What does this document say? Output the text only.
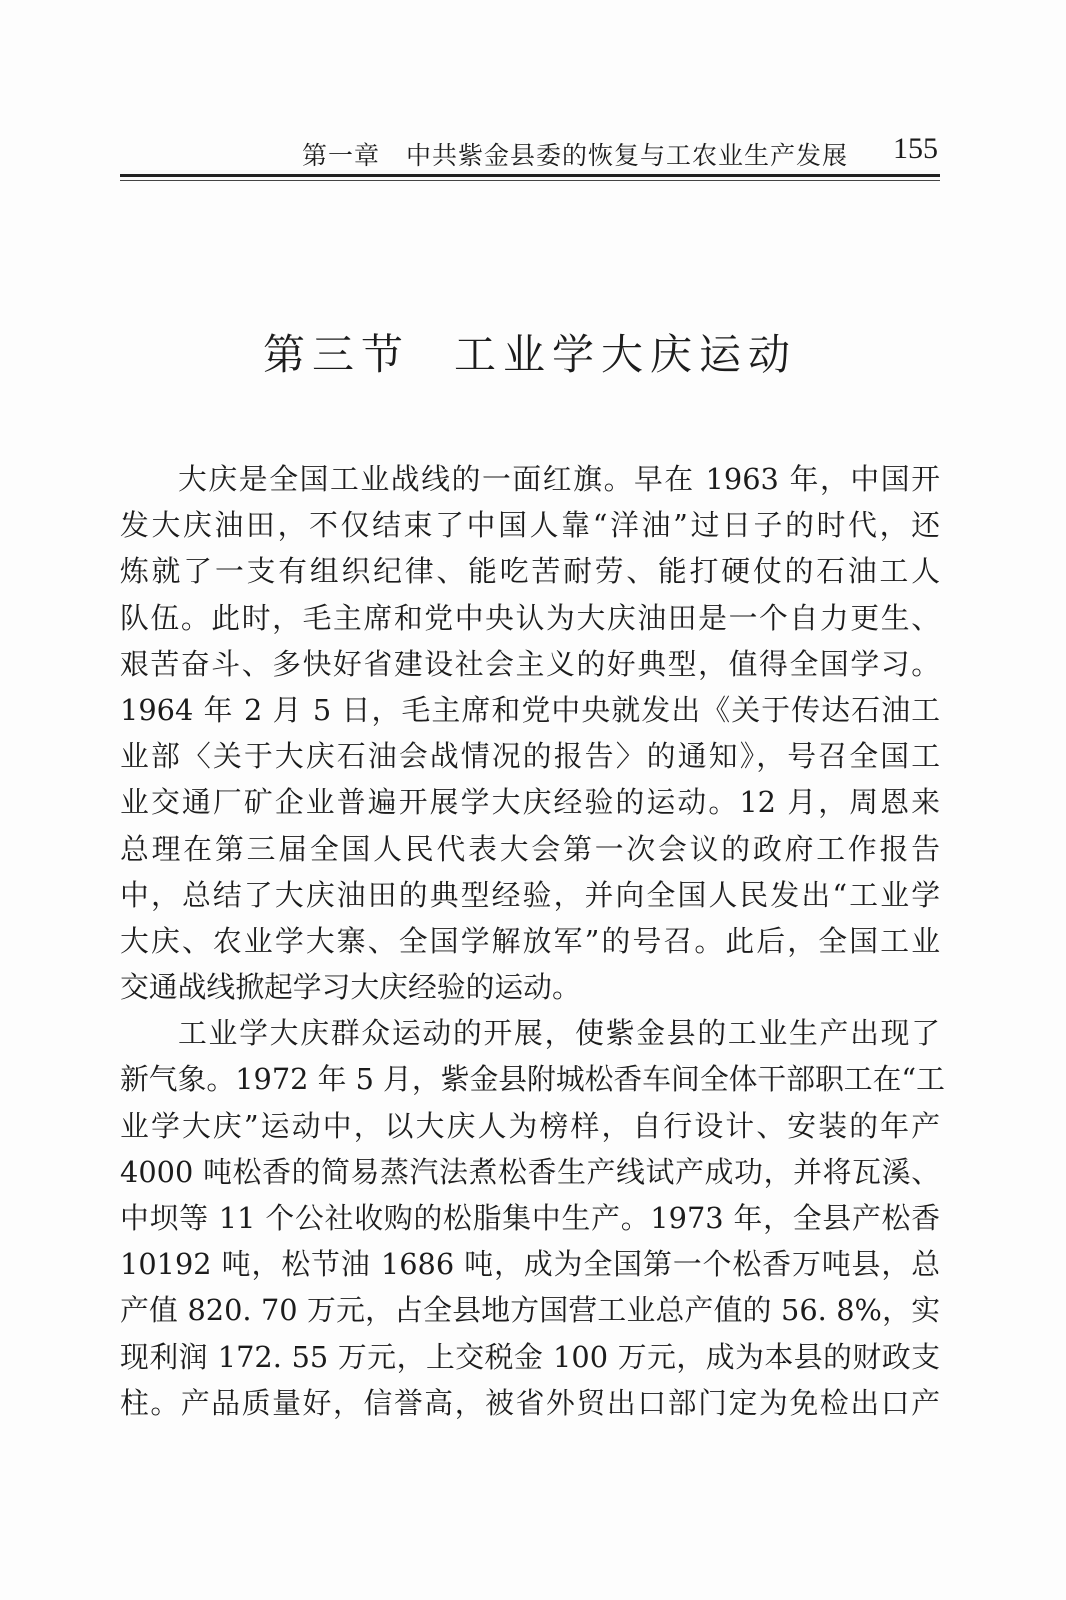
第一章　中共紫金县委的恢复与工农业生产发展 155
第三节 工业学大庆运动
大庆是全国工业战线的一面红旗。早在 1963 年，中国开
发大庆油田，不仅结束了中国人靠“洋油”过日子的时代，还
炼就了一支有组织纪律、能吃苦耐劳、能打硬仗的石油工人
队伍。此时，毛主席和党中央认为大庆油田是一个自力更生、
艰苦奋斗、多快好省建设社会主义的好典型，值得全国学习。
1964 年 2 月 5 日，毛主席和党中央就发出《关于传达石油工
业部〈关于大庆石油会战情况的报告〉的通知》，号召全国工
业交通厂矿企业普遍开展学大庆经验的运动。12 月，周恩来
总理在第三届全国人民代表大会第一次会议的政府工作报告
中，总结了大庆油田的典型经验，并向全国人民发出“工业学
大庆、农业学大寨、全国学解放军”的号召。此后，全国工业
交通战线掀起学习大庆经验的运动。
工业学大庆群众运动的开展，使紫金县的工业生产出现了
新气象。1972 年 5 月，紫金县附城松香车间全体干部职工在“工
业学大庆”运动中，以大庆人为榜样，自行设计、安装的年产
4000 吨松香的简易蒸汽法煮松香生产线试产成功，并将瓦溪、
中坝等 11 个公社收购的松脂集中生产。1973 年，全县产松香
10192 吨，松节油 1686 吨，成为全国第一个松香万吨县，总
产值 820. 70 万元，占全县地方国营工业总产值的 56. 8%，实
现利润 172. 55 万元，上交税金 100 万元，成为本县的财政支
柱。产品质量好，信誉高，被省外贸出口部门定为免检出口产
